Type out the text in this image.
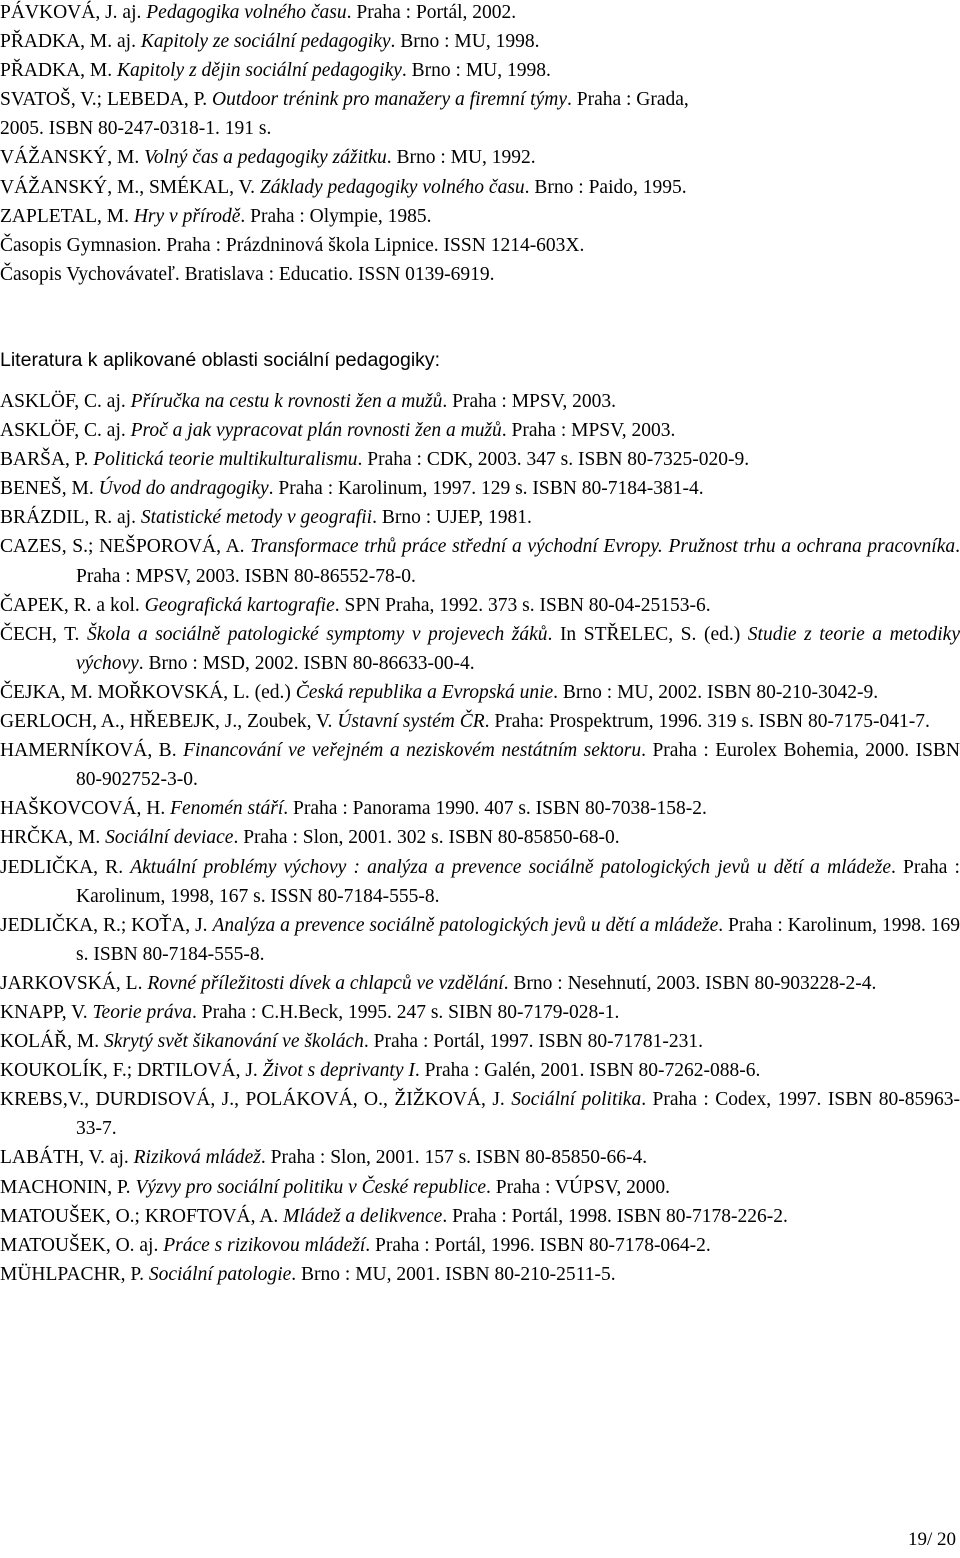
PÁVKOVÁ, J. aj. Pedagogika volného času. Praha : Portál, 2002.
PŘADKA, M. aj. Kapitoly ze sociální pedagogiky. Brno : MU, 1998.
PŘADKA, M. Kapitoly z dějin sociální pedagogiky. Brno : MU, 1998.
SVATOŠ, V.; LEBEDA, P. Outdoor trénink pro manažery a firemní týmy. Praha : Grada,
2005. ISBN 80-247-0318-1. 191 s.
VÁŽANSKÝ, M. Volný čas a pedagogiky zážitku. Brno : MU, 1992.
VÁŽANSKÝ, M., SMÉKAL, V. Základy pedagogiky volného času. Brno : Paido, 1995.
ZAPLETAL, M. Hry v přírodě. Praha : Olympie, 1985.
Časopis Gymnasion. Praha : Prázdninová škola Lipnice. ISSN 1214-603X.
Časopis Vychovávateľ. Bratislava : Educatio. ISSN 0139-6919.
Literatura k aplikované oblasti sociální pedagogiky:
ASKLÖF, C. aj. Příručka na cestu k rovnosti žen a mužů. Praha : MPSV, 2003.
ASKLÖF, C. aj. Proč a jak vypracovat plán rovnosti žen a mužů. Praha : MPSV, 2003.
BARŠA, P. Politická teorie multikulturalismu. Praha : CDK, 2003. 347 s. ISBN 80-7325-020-9.
BENEŠ, M. Úvod do andragogiky. Praha : Karolinum, 1997. 129 s. ISBN 80-7184-381-4.
BRÁZDIL, R. aj. Statistické metody v geografii. Brno : UJEP, 1981.
CAZES, S.; NEŠPOROVÁ, A. Transformace trhů práce střední a východní Evropy. Pružnost trhu a ochrana pracovníka. Praha : MPSV, 2003. ISBN 80-86552-78-0.
ČAPEK, R. a kol. Geografická kartografie. SPN Praha, 1992. 373 s. ISBN 80-04-25153-6.
ČECH, T. Škola a sociálně patologické symptomy v projevech žáků. In STŘELEC, S. (ed.) Studie z teorie a metodiky výchovy. Brno : MSD, 2002. ISBN 80-86633-00-4.
ČEJKA, M. MOŘKOVSKÁ, L. (ed.) Česká republika a Evropská unie. Brno : MU, 2002. ISBN 80-210-3042-9.
GERLOCH, A., HŘEBEJK, J., Zoubek, V. Ústavní systém ČR. Praha: Prospektrum, 1996. 319 s. ISBN 80-7175-041-7.
HAMERNÍKOVÁ, B. Financování ve veřejném a neziskovém nestátním sektoru. Praha : Eurolex Bohemia, 2000. ISBN 80-902752-3-0.
HAŠKOVCOVÁ, H. Fenomén stáří. Praha : Panorama 1990. 407 s. ISBN 80-7038-158-2.
HRČKA, M. Sociální deviace. Praha : Slon, 2001. 302 s. ISBN 80-85850-68-0.
JEDLIČKA, R. Aktuální problémy výchovy : analýza a prevence sociálně patologických jevů u dětí a mládeže. Praha : Karolinum, 1998, 167 s. ISSN 80-7184-555-8.
JEDLIČKA, R.; KOŤA, J. Analýza a prevence sociálně patologických jevů u dětí a mládeže. Praha : Karolinum, 1998. 169 s. ISBN 80-7184-555-8.
JARKOVSKÁ, L. Rovné příležitosti dívek a chlapců ve vzdělání. Brno : Nesehnutí, 2003. ISBN 80-903228-2-4.
KNAPP, V. Teorie práva. Praha : C.H.Beck, 1995. 247 s. SIBN 80-7179-028-1.
KOLÁŘ, M. Skrytý svět šikanování ve školách. Praha : Portál, 1997. ISBN 80-71781-231.
KOUKOLÍK, F.; DRTILOVÁ, J. Život s deprivanty I. Praha : Galén, 2001. ISBN 80-7262-088-6.
KREBS,V., DURDISOVÁ, J., POLÁKOVÁ, O., ŽIŽKOVÁ, J. Sociální politika. Praha : Codex, 1997. ISBN 80-85963-33-7.
LABÁTH, V. aj. Riziková mládež. Praha : Slon, 2001. 157 s. ISBN 80-85850-66-4.
MACHONIN, P. Výzvy pro sociální politiku v České republice. Praha : VÚPSV, 2000.
MATOUŠEK, O.; KROFTOVÁ, A. Mládež a delikvence. Praha : Portál, 1998. ISBN 80-7178-226-2.
MATOUŠEK, O. aj. Práce s rizikovou mládeží. Praha : Portál, 1996. ISBN 80-7178-064-2.
MÜHLPACHR, P. Sociální patologie. Brno : MU, 2001. ISBN 80-210-2511-5.
19/ 20
